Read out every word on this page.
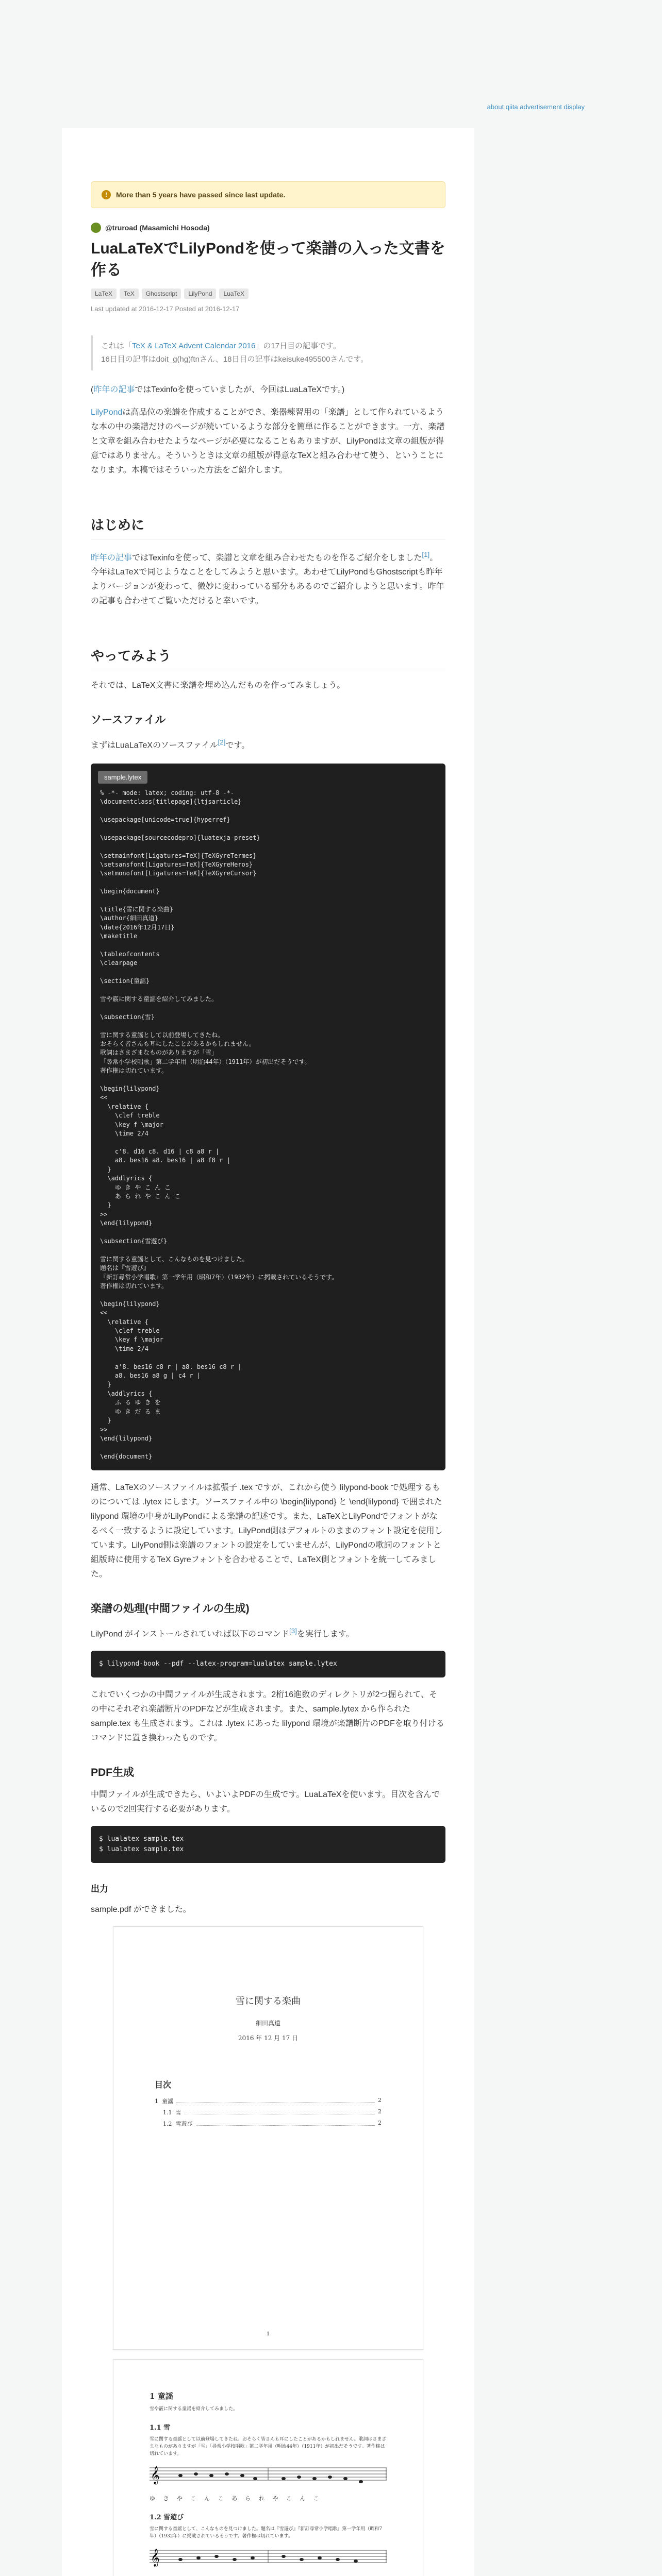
about qiita advertisement display
!	More than 5 years have passed since last update.
@truroad (Masamichi Hosoda)
LuaLaTeXでLilyPondを使って楽譜の入った文書を作る
LaTeX	TeX	Ghostscript	LilyPond	LuaTeX
Last updated at 2016-12-17 Posted at 2016-12-17
これは「TeX & LaTeX Advent Calendar 2016」の17日目の記事です。
16日目の記事はdoit_g(hg)ftnさん、18日目の記事はkeisuke495500さんです。

(昨年の記事ではTexinfoを使っていましたが、今回はLuaLaTeXです。)

LilyPondは高品位の楽譜を作成することができ、楽器練習用の「楽譜」として作られているような本の中の楽譜だけのページが続いているような部分を簡単に作ることができます。一方、楽譜と文章を組み合わせたようなページが必要になることもありますが、LilyPondは文章の組版が得意ではありません。そういうときは文章の組版が得意なTeXと組み合わせて使う、ということになります。本稿ではそういった方法をご紹介します。

はじめに

昨年の記事ではTexinfoを使って、楽譜と文章を組み合わせたものを作るご紹介をしました[1]。今年はLaTeXで同じようなことをしてみようと思います。あわせてLilyPondもGhostscriptも昨年よりバージョンが変わって、微妙に変わっている部分もあるのでご紹介しようと思います。昨年の記事も合わせてご覧いただけると幸いです。

やってみよう

それでは、LaTeX文書に楽譜を埋め込んだものを作ってみましょう。

ソースファイル

まずはLuaLaTeXのソースファイル[2]です。

sample.lytex
% -*- mode: latex; coding: utf-8 -*-
\documentclass[titlepage]{ltjsarticle}

\usepackage[unicode=true]{hyperref}

\usepackage[sourcecodepro]{luatexja-preset}

\setmainfont[Ligatures=TeX]{TeXGyreTermes}
\setsansfont[Ligatures=TeX]{TeXGyreHeros}
\setmonofont[Ligatures=TeX]{TeXGyreCursor}

\begin{document}

\title{雪に関する楽曲}
\author{細田真道}
\date{2016年12月17日}
\maketitle

\tableofcontents
\clearpage

\section{童謡}

雪や霰に関する童謡を紹介してみました。

\subsection{雪}

雪に関する童謡として以前登場してきたね。
おそらく皆さんも耳にしたことがあるかもしれません。
歌詞はさまざまなものがありますが「雪」
「尋常小学校唱歌」第二学年用（明治44年）（1911年）が初出だそうです。
著作権は切れています。

\begin{lilypond}
<<
\relative {
\clef treble
\key f \major
\time 2/4

c'8. d16 c8. d16 | c8 a8 r |
a8. bes16 a8. bes16 | a8 f8 r |
}
\addlyrics {
ゆ き や こ ん こ
あ ら れ や こ ん こ
}
>>
\end{lilypond}

\subsection{雪遊び}

雪に関する童謡として、こんなものを見つけました。
題名は『雪遊び』
『新訂尋常小学唱歌』第一学年用（昭和7年）（1932年）に掲載されているそうです。
著作権は切れています。

\begin{lilypond}
<<
\relative {
\clef treble
\key f \major
\time 2/4

a'8. bes16 c8 r | a8. bes16 c8 r |
a8. bes16 a8 g | c4 r |
}
\addlyrics {
ふ る ゆ き を
ゆ き だ る ま
}
>>
\end{lilypond}

\end{document}

通常、LaTeXのソースファイルは拡張子 .tex ですが、これから使う lilypond-book で処理するものについては .lytex にします。ソースファイル中の \begin{lilypond} と \end{lilypond} で囲まれた lilypond 環境の中身がLilyPondによる楽譜の記述です。また、LaTeXとLilyPondでフォントがなるべく一致するように設定しています。LilyPond側はデフォルトのままのフォント設定を使用しています。LilyPond側は楽譜のフォントの設定をしていませんが、LilyPondの歌詞のフォントと組版時に使用するTeX Gyreフォントを合わせることで、LaTeX側とフォントを統一してみました。

楽譜の処理(中間ファイルの生成)

LilyPond がインストールされていれば以下のコマンド[3]を実行します。

$ lilypond-book --pdf --latex-program=lualatex sample.lytex

これでいくつかの中間ファイルが生成されます。2桁16進数のディレクトリが2つ掘られて、その中にそれぞれ楽譜断片のPDFなどが生成されます。また、sample.lytex から作られた sample.tex も生成されます。これは .lytex にあった lilypond 環境が楽譜断片のPDFを取り付けるコマンドに置き換わったものです。

PDF生成

中間ファイルが生成できたら、いよいよPDFの生成です。LuaLaTeXを使います。目次を含んでいるので2回実行する必要があります。

$ lualatex sample.tex
$ lualatex sample.tex
出力

sample.pdf ができました。

雪に関する楽曲
細田真道
2016 年 12 月 17 日
目次
1 童謡	2
1.1 雪	2
1.2 雪遊び	2
1
1 童謡
雪や霰に関する童謡を紹介してみました。
1.1 雪
雪に関する童謡として以前登場してきたね。おそらく皆さんも耳にしたことがあるかもしれません。歌詞はさまざまなものがありますが「雪」「尋常小学校唱歌」第二学年用（明治44年）（1911年）が初出だそうです。著作権は切れています。
𝄞
ゆ き や こ ん こ あ ら れ や こ ん こ
1.2 雪遊び
雪に関する童謡として、こんなものを見つけました。題名は『雪遊び』『新訂尋常小学唱歌』第一学年用（昭和7年）（1932年）に掲載されているそうです。著作権は切れています。
𝄞
